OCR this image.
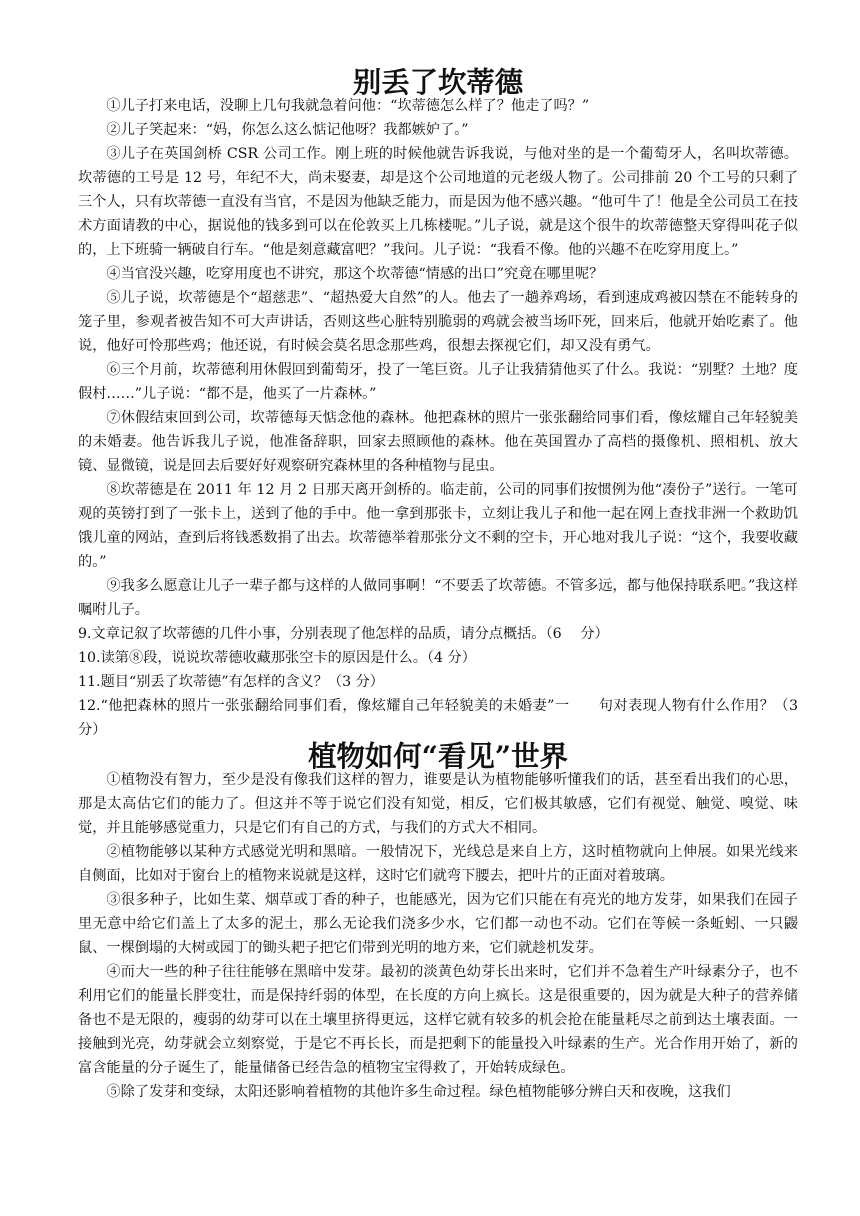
别丢了坎蒂德

①儿子打来电话，没聊上几句我就急着问他：“坎蒂德怎么样了？他走了吗？”

②儿子笑起来：“妈，你怎么这么惦记他呀？我都嫉妒了。”

③儿子在英国剑桥 CSR 公司工作。刚上班的时候他就告诉我说，与他对坐的是一个葡萄牙人，名叫坎蒂德。坎蒂德的工号是 12 号，年纪不大，尚未娶妻，却是这个公司地道的元老级人物了。公司排前 20 个工号的只剩了三个人，只有坎蒂德一直没有当官，不是因为他缺乏能力，而是因为他不感兴趣。“他可牛了！他是全公司员工在技术方面请教的中心，据说他的钱多到可以在伦敦买上几栋楼呢。”儿子说，就是这个很牛的坎蒂德整天穿得叫花子似的，上下班骑一辆破自行车。“他是刻意藏富吧？”我问。儿子说：“我看不像。他的兴趣不在吃穿用度上。”

④当官没兴趣，吃穿用度也不讲究，那这个坎蒂德“情感的出口”究竟在哪里呢？

⑤儿子说，坎蒂德是个“超慈悲”、“超热爱大自然”的人。他去了一趟养鸡场，看到速成鸡被囚禁在不能转身的笼子里，参观者被告知不可大声讲话，否则这些心脏特别脆弱的鸡就会被当场吓死，回来后，他就开始吃素了。他说，他好可怜那些鸡；他还说，有时候会莫名思念那些鸡，很想去探视它们，却又没有勇气。

⑥三个月前，坎蒂德利用休假回到葡萄牙，投了一笔巨资。儿子让我猜猜他买了什么。我说：“别墅？土地？度假村……”儿子说：“都不是，他买了一片森林。”

⑦休假结束回到公司，坎蒂德每天惦念他的森林。他把森林的照片一张张翻给同事们看，像炫耀自己年轻貌美的未婚妻。他告诉我儿子说，他准备辞职，回家去照顾他的森林。他在英国置办了高档的摄像机、照相机、放大镜、显微镜，说是回去后要好好观察研究森林里的各种植物与昆虫。

⑧坎蒂德是在 2011 年 12 月 2 日那天离开剑桥的。临走前，公司的同事们按惯例为他“凑份子”送行。一笔可观的英镑打到了一张卡上，送到了他的手中。他一拿到那张卡，立刻让我儿子和他一起在网上查找非洲一个救助饥饿儿童的网站，查到后将钱悉数捐了出去。坎蒂德举着那张分文不剩的空卡，开心地对我儿子说：“这个，我要收藏的。”

⑨我多么愿意让儿子一辈子都与这样的人做同事啊！“不要丢了坎蒂德。不管多远，都与他保持联系吧。”我这样嘱咐儿子。

9.文章记叙了坎蒂德的几件小事，分别表现了他怎样的品质，请分点概括。（6　 分）

10.读第⑧段，说说坎蒂德收藏那张空卡的原因是什么。（4 分）

11.题目“别丢了坎蒂德”有怎样的含义？（3 分）

12.“他把森林的照片一张张翻给同事们看，像炫耀自己年轻貌美的未婚妻”一　　句对表现人物有什么作用？（3 分）

植物如何“看见”世界

①植物没有智力，至少是没有像我们这样的智力，谁要是认为植物能够听懂我们的话，甚至看出我们的心思，那是太高估它们的能力了。但这并不等于说它们没有知觉，相反，它们极其敏感，它们有视觉、触觉、嗅觉、味觉，并且能够感觉重力，只是它们有自己的方式，与我们的方式大不相同。

②植物能够以某种方式感觉光明和黑暗。一般情况下，光线总是来自上方，这时植物就向上伸展。如果光线来自侧面，比如对于窗台上的植物来说就是这样，这时它们就弯下腰去，把叶片的正面对着玻璃。

③很多种子，比如生菜、烟草或丁香的种子，也能感光，因为它们只能在有亮光的地方发芽，如果我们在园子里无意中给它们盖上了太多的泥土，那么无论我们浇多少水，它们都一动也不动。它们在等候一条蚯蚓、一只鼹鼠、一棵倒塌的大树或园丁的锄头耙子把它们带到光明的地方来，它们就趁机发芽。

④而大一些的种子往往能够在黑暗中发芽。最初的淡黄色幼芽长出来时，它们并不急着生产叶绿素分子，也不利用它们的能量长胖变壮，而是保持纤弱的体型，在长度的方向上疯长。这是很重要的，因为就是大种子的营养储备也不是无限的，瘦弱的幼芽可以在土壤里挤得更远，这样它就有较多的机会抢在能量耗尽之前到达土壤表面。一接触到光亮，幼芽就会立刻察觉，于是它不再长长，而是把剩下的能量投入叶绿素的生产。光合作用开始了，新的富含能量的分子诞生了，能量储备已经告急的植物宝宝得救了，开始转成绿色。

⑤除了发芽和变绿，太阳还影响着植物的其他许多生命过程。绿色植物能够分辨白天和夜晚，这我们
